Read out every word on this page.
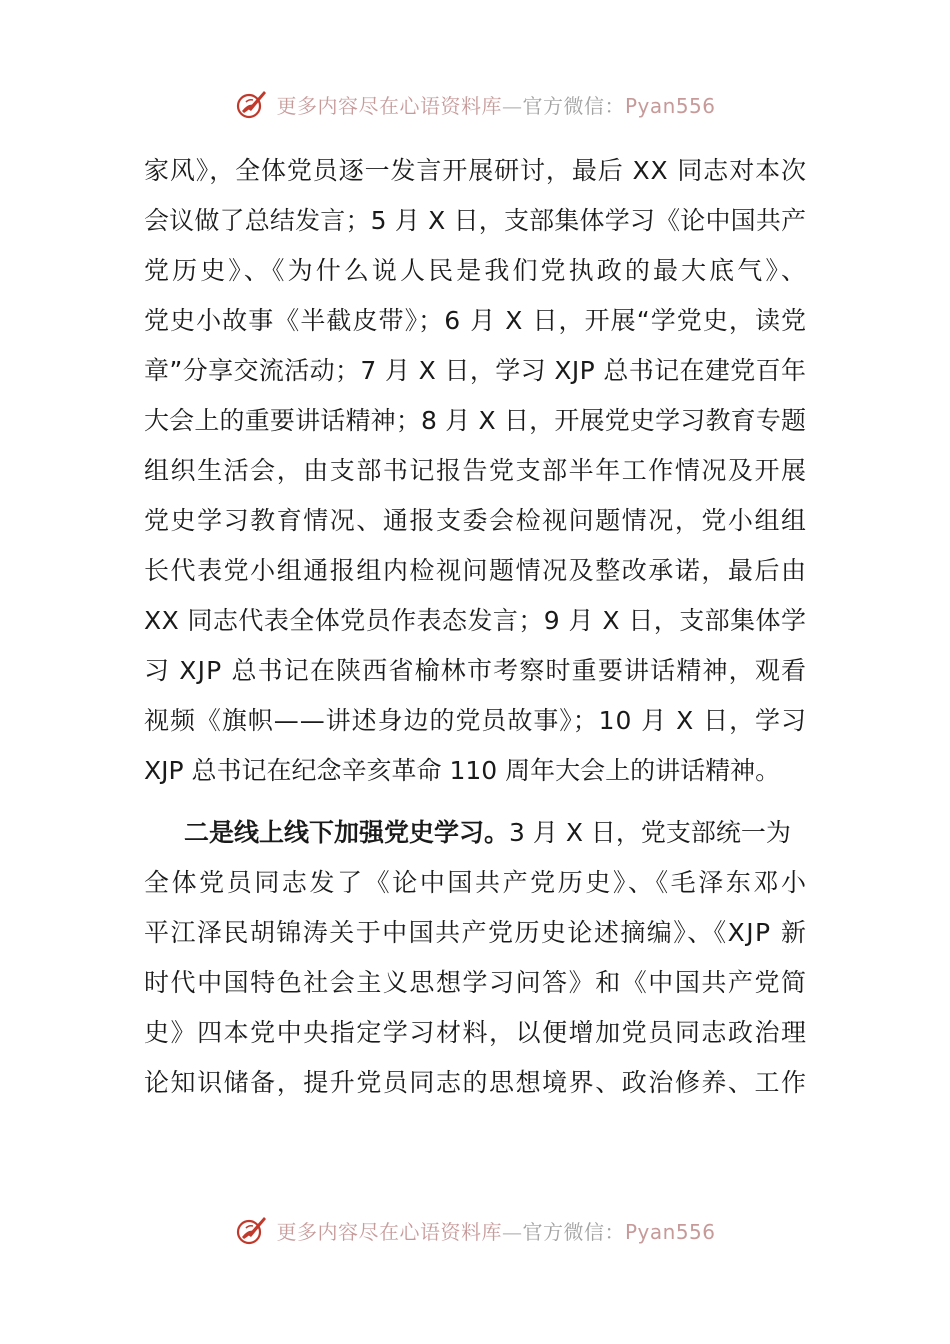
更多内容尽在心语资料库—官方微信：Pyan556
家风》，全体党员逐一发言开展研讨，最后 XX 同志对本次
会议做了总结发言；5 月 X 日，支部集体学习《论中国共产
党历史》、《为什么说人民是我们党执政的最大底气》、
党史小故事《半截皮带》；6 月 X 日，开展“学党史，读党
章”分享交流活动；7 月 X 日，学习 XJP 总书记在建党百年
大会上的重要讲话精神；8 月 X 日，开展党史学习教育专题
组织生活会，由支部书记报告党支部半年工作情况及开展
党史学习教育情况、通报支委会检视问题情况，党小组组
长代表党小组通报组内检视问题情况及整改承诺，最后由
XX 同志代表全体党员作表态发言；9 月 X 日，支部集体学
习 XJP 总书记在陕西省榆林市考察时重要讲话精神，观看
视频《旗帜——讲述身边的党员故事》；10 月 X 日，学习
XJP 总书记在纪念辛亥革命 110 周年大会上的讲话精神。
二是线上线下加强党史学习。 3 月 X 日，党支部统一为
全体党员同志发了《论中国共产党历史》、《毛泽东邓小
平江泽民胡锦涛关于中国共产党历史论述摘编》、《XJP 新
时代中国特色社会主义思想学习问答》和《中国共产党简
史》四本党中央指定学习材料，以便增加党员同志政治理
论知识储备，提升党员同志的思想境界、政治修养、工作
更多内容尽在心语资料库—官方微信：Pyan556
